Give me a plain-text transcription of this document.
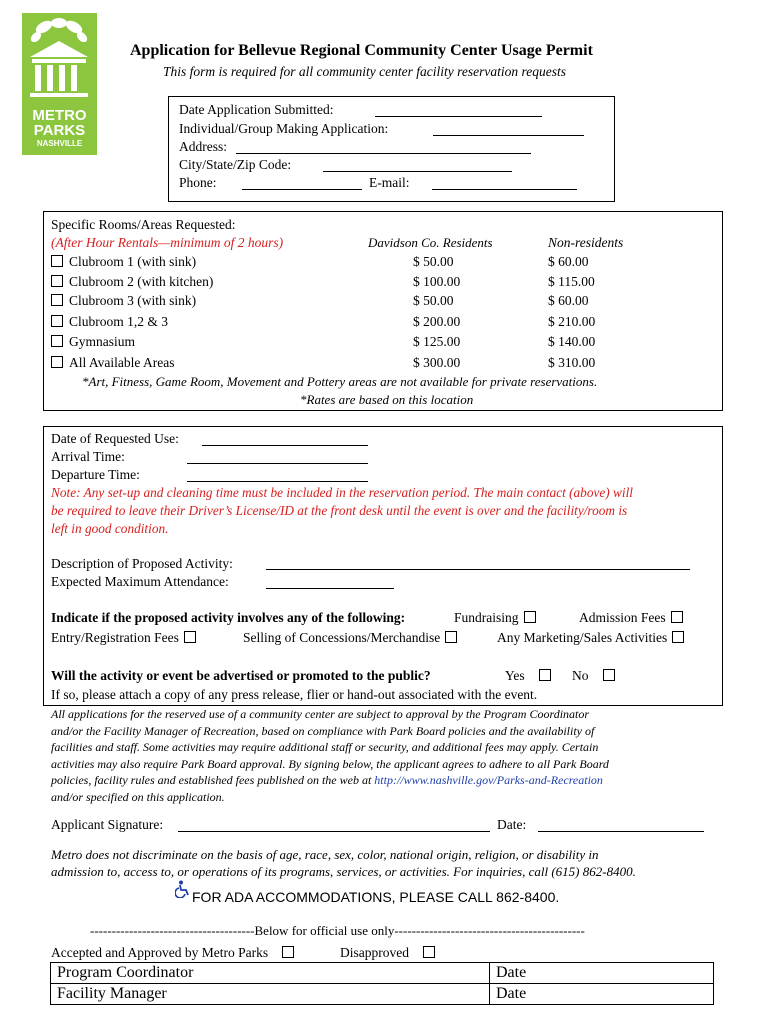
METRO
PARKS
NASHVILLE
Application for Bellevue Regional Community Center Usage Permit
This form is required for all community center facility reservation requests
Date Application Submitted:
Individual/Group Making Application:
Address:
City/State/Zip Code:
Phone:	E-mail:
Specific Rooms/Areas Requested:
(After Hour Rentals—minimum of 2 hours)	Davidson Co. Residents	Non-residents
Clubroom 1 (with sink)	$ 50.00	$ 60.00
Clubroom 2 (with kitchen)	$ 100.00	$ 115.00
Clubroom 3 (with sink)	$ 50.00	$ 60.00
Clubroom 1,2 & 3	$ 200.00	$ 210.00
Gymnasium	$ 125.00	$ 140.00
All Available Areas	$ 300.00	$ 310.00
*Art, Fitness, Game Room, Movement and Pottery areas are not available for private reservations.
*Rates are based on this location
Date of Requested Use:
Arrival Time:
Departure Time:
Note: Any set-up and cleaning time must be included in the reservation period. The main contact (above) will
be required to leave their Driver’s License/ID at the front desk until the event is over and the facility/room is
left in good condition.
Description of Proposed Activity:
Expected Maximum Attendance:
Indicate if the proposed activity involves any of the following:	Fundraising	Admission Fees
Entry/Registration Fees	Selling of Concessions/Merchandise	Any Marketing/Sales Activities
Will the activity or event be advertised or promoted to the public?	Yes	No
If so, please attach a copy of any press release, flier or hand-out associated with the event.
All applications for the reserved use of a community center are subject to approval by the Program Coordinator
and/or the Facility Manager of Recreation, based on compliance with Park Board policies and the availability of
facilities and staff. Some activities may require additional staff or security, and additional fees may apply. Certain
activities may also require Park Board approval. By signing below, the applicant agrees to adhere to all Park Board
policies, facility rules and established fees published on the web at http://www.nashville.gov/Parks-and-Recreation
and/or specified on this application.
Applicant Signature:	Date:
Metro does not discriminate on the basis of age, race, sex, color, national origin, religion, or disability in
admission to, access to, or operations of its programs, services, or activities. For inquiries, call (615) 862-8400.
FOR ADA ACCOMMODATIONS, PLEASE CALL 862-8400.
--------------------------------------Below for official use only--------------------------------------------
Accepted and Approved by Metro Parks	Disapproved
Program Coordinator	Date
Facility Manager	Date
